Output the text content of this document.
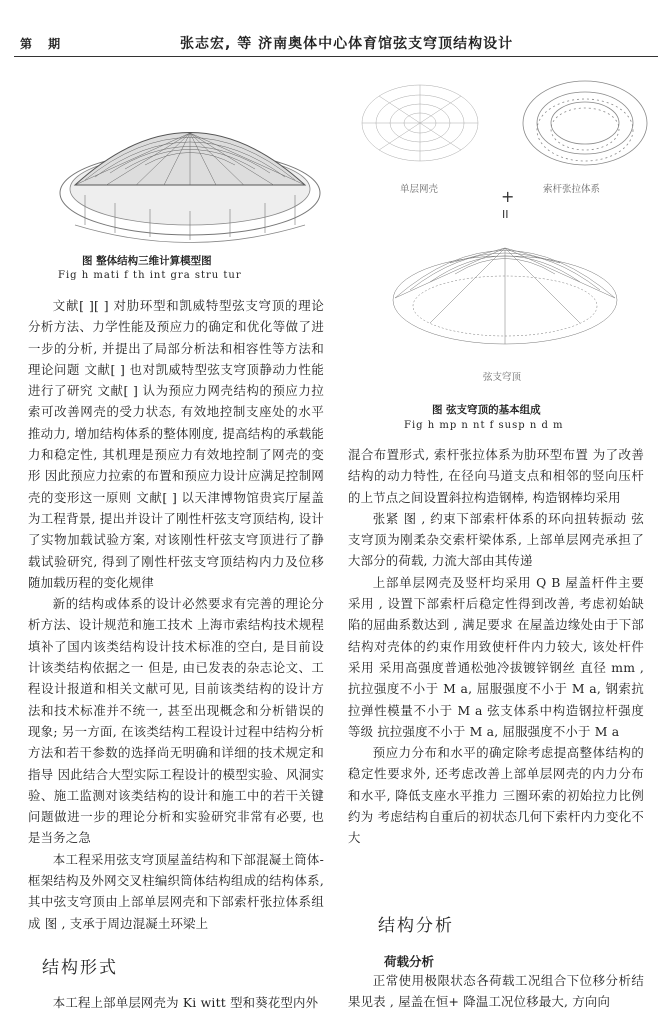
第 期	张志宏, 等 济南奥体中心体育馆弦支穹顶结构设计
图 整体结构三维计算模型图
Fig h mati f th int gra stru tur
单层网壳	索杆张拉体系
+
II
弦支穹顶
图 弦支穹顶的基本组成
Fig h mp n nt f susp n d m

文献[ ][ ] 对肋环型和凯威特型弦支穹顶的理论分析方法、力学性能及预应力的确定和优化等做了进一步的分析, 并提出了局部分析法和相容性等方法和理论问题 文献[ ] 也对凯威特型弦支穹顶静动力性能进行了研究 文献[ ] 认为预应力网壳结构的预应力拉索可改善网壳的受力状态, 有效地控制支座处的水平推动力, 增加结构体系的整体刚度, 提高结构的承载能力和稳定性, 其机理是预应力有效地控制了网壳的变形 因此预应力拉索的布置和预应力设计应满足控制网壳的变形这一原则 文献[ ] 以天津博物馆贵宾厅屋盖为工程背景, 提出并设计了刚性杆弦支穹顶结构, 设计了实物加载试验方案, 对该刚性杆弦支穹顶进行了静载试验研究, 得到了刚性杆弦支穹顶结构内力及位移随加载历程的变化规律

新的结构或体系的设计必然要求有完善的理论分析方法、设计规范和施工技术 上海市索结构技术规程 填补了国内该类结构设计技术标准的空白, 是目前设计该类结构依据之一 但是, 由已发表的杂志论文、工程设计报道和相关文献可见, 目前该类结构的设计方法和技术标准并不统一, 甚至出现概念和分析错误的现象; 另一方面, 在该类结构工程设计过程中结构分析方法和若干参数的选择尚无明确和详细的技术规定和指导 因此结合大型实际工程设计的模型实验、风洞实验、施工监测对该类结构的设计和施工中的若干关键问题做进一步的理论分析和实验研究非常有必要, 也是当务之急

本工程采用弦支穹顶屋盖结构和下部混凝土筒体- 框架结构及外网交叉柱编织筒体结构组成的结构体系, 其中弦支穹顶由上部单层网壳和下部索杆张拉体系组成 图 , 支承于周边混凝土环梁上

结构形式

本工程上部单层网壳为 Ki witt 型和葵花型内外

混合布置形式, 索杆张拉体系为肋环型布置 为了改善结构的动力特性, 在径向马道支点和相邻的竖向压杆的上节点之间设置斜拉构造钢棒, 构造钢棒均采用

张紧 图 , 约束下部索杆体系的环向扭转振动 弦支穹顶为刚柔杂交索杆梁体系, 上部单层网壳承担了大部分的荷载, 力流大部由其传递

上部单层网壳及竖杆均采用 Q B 屋盖杆件主要采用 , 设置下部索杆后稳定性得到改善, 考虑初始缺陷的屈曲系数达到 , 满足要求 在屋盖边缘处由于下部结构对壳体的约束作用致使杆件内力较大, 该处杆件采用 采用高强度普通松弛冷拔镀锌钢丝 直径 mm , 抗拉强度不小于 M a, 屈服强度不小于 M a, 钢索抗拉弹性模量不小于 M a 弦支体系中构造钢拉杆强度等级 抗拉强度不小于 M a, 屈服强度不小于 M a

预应力分布和水平的确定除考虑提高整体结构的稳定性要求外, 还考虑改善上部单层网壳的内力分布和水平, 降低支座水平推力 三圈环索的初始拉力比例约为 考虑结构自重后的初状态几何下索杆内力变化不大

结构分析
荷载分析

正常使用极限状态各荷载工况组合下位移分析结果见表 , 屋盖在恒+ 降温工况位移最大, 方向向
